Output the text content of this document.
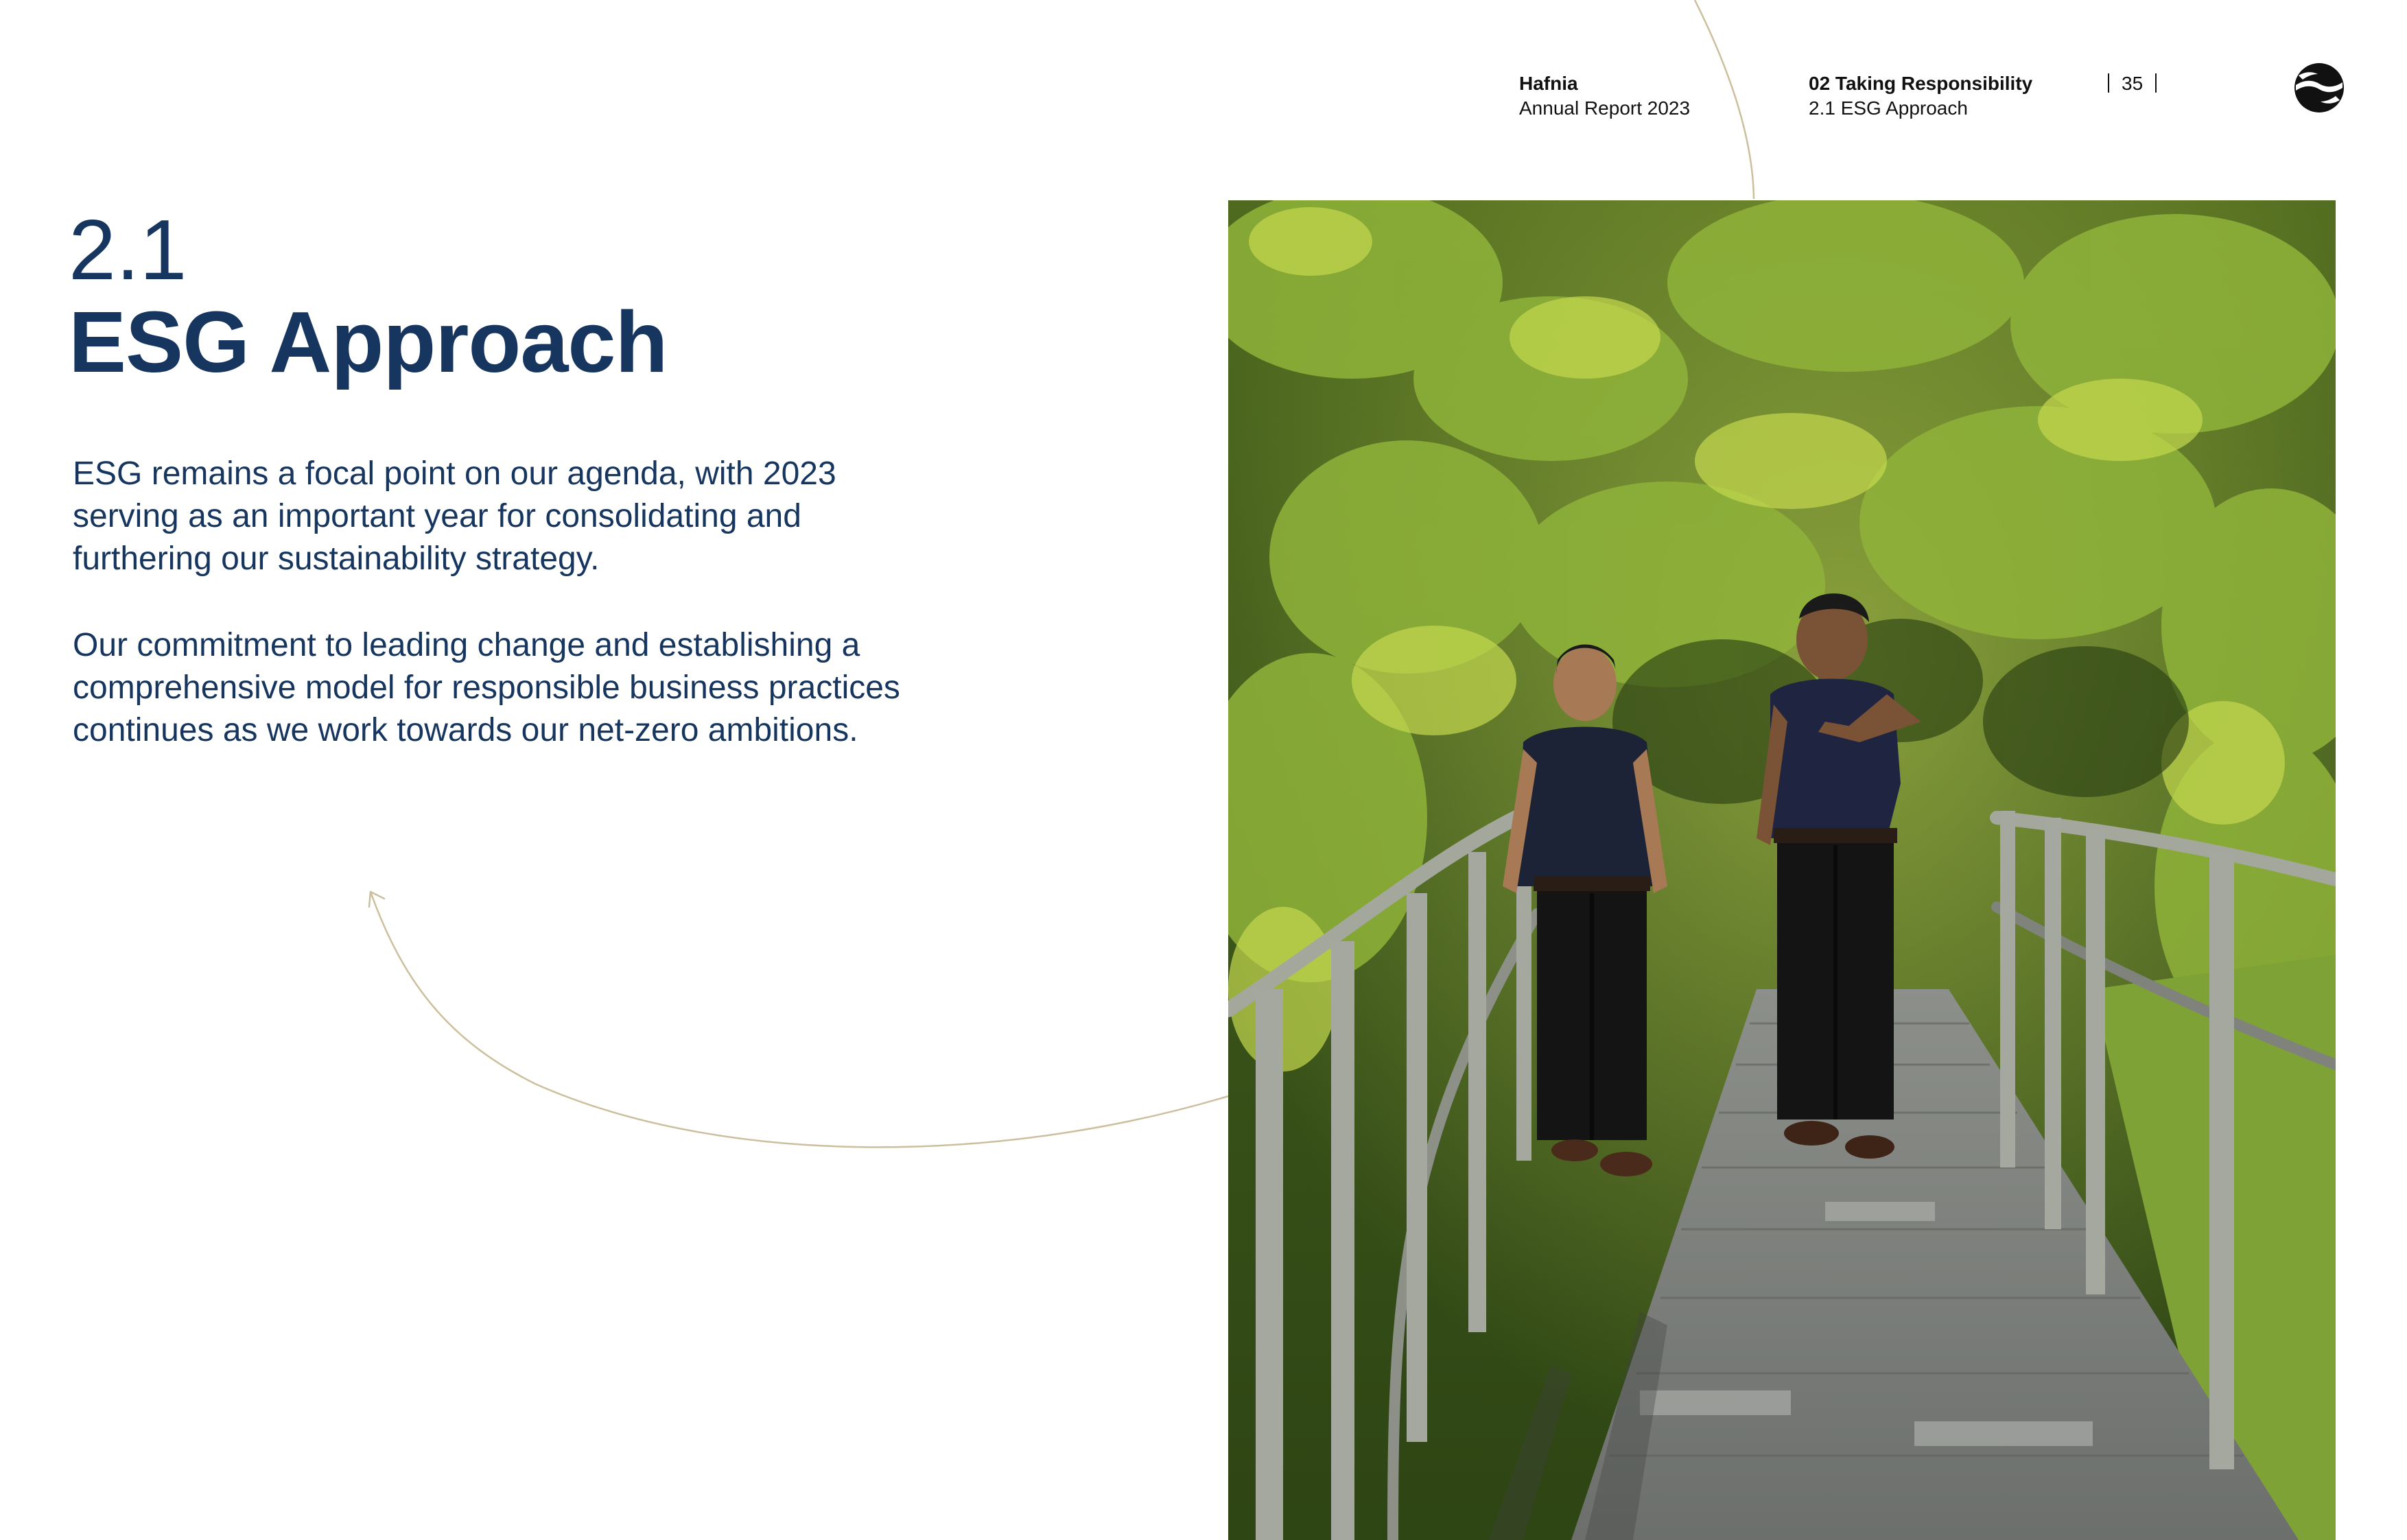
Hafnia
Annual Report 2023
02 Taking Responsibility
2.1 ESG Approach
35
2.1
ESG Approach

ESG remains a focal point on our agenda, with 2023 serving as an important year for consolidating and furthering our sustainability strategy.

Our commitment to leading change and establishing a comprehensive model for responsible business practices continues as we work towards our net-zero ambitions.
